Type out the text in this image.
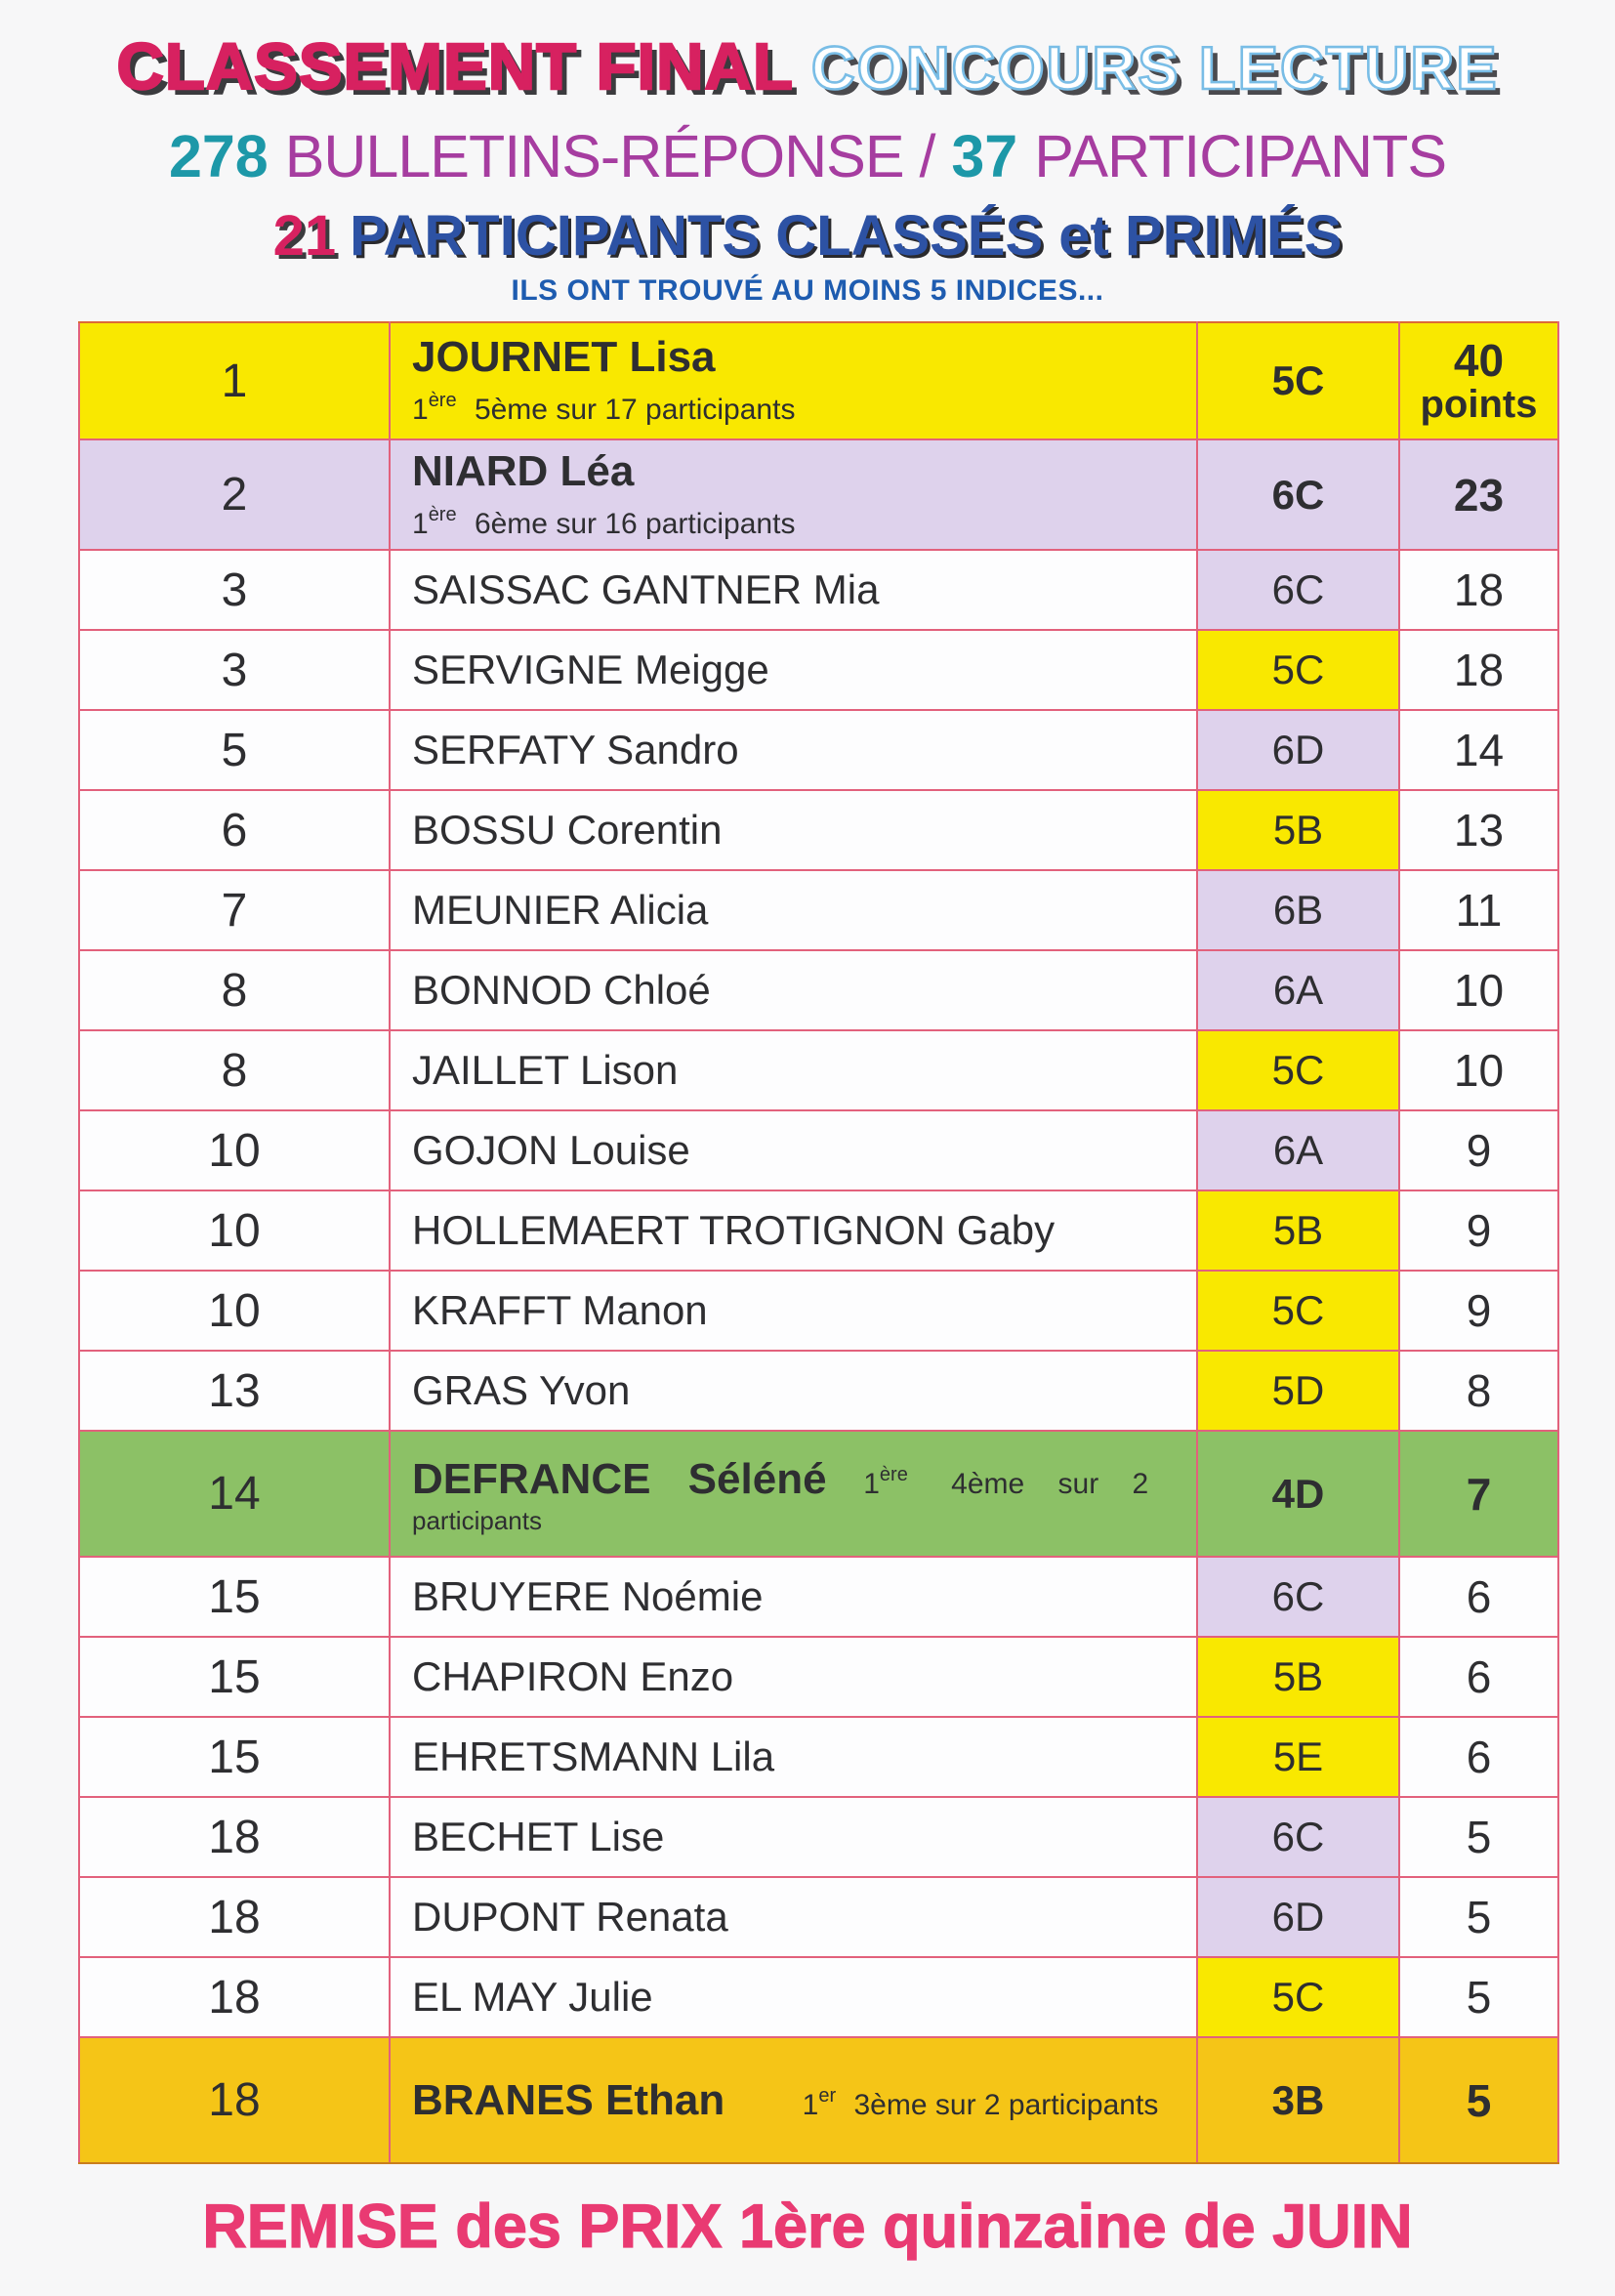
CLASSEMENT FINAL CONCOURS LECTURE
278 BULLETINS-RÉPONSE / 37 PARTICIPANTS
21 PARTICIPANTS CLASSÉS et PRIMÉS
ILS ONT TROUVÉ AU MOINS 5 INDICES...
1	JOURNET Lisa 1ère 5ème sur 17 participants	5C	40
points

2	NIARD Léa 1ère 6ème sur 16 participants	6C	23

3	SAISSAC GANTNER Mia	6C	18

3	SERVIGNE Meigge	5C	18

5	SERFATY Sandro	6D	14

6	BOSSU Corentin	5B	13

7	MEUNIER Alicia	6B	11

8	BONNOD Chloé	6A	10

8	JAILLET Lison	5C	10

10	GOJON Louise	6A	9

10	HOLLEMAERT TROTIGNON Gaby	5B	9

10	KRAFFT Manon	5C	9

13	GRAS Yvon	5D	8

14	DEFRANCE Séléné 1ère 4ème sur 2
participants	4D	7

15	BRUYERE Noémie	6C	6

15	CHAPIRON Enzo	5B	6

15	EHRETSMANN Lila	5E	6

18	BECHET Lise	6C	5

18	DUPONT Renata	6D	5

18	EL MAY Julie	5C	5

18	BRANES Ethan 1er 3ème sur 2 participants	3B	5
REMISE des PRIX 1ère quinzaine de JUIN
